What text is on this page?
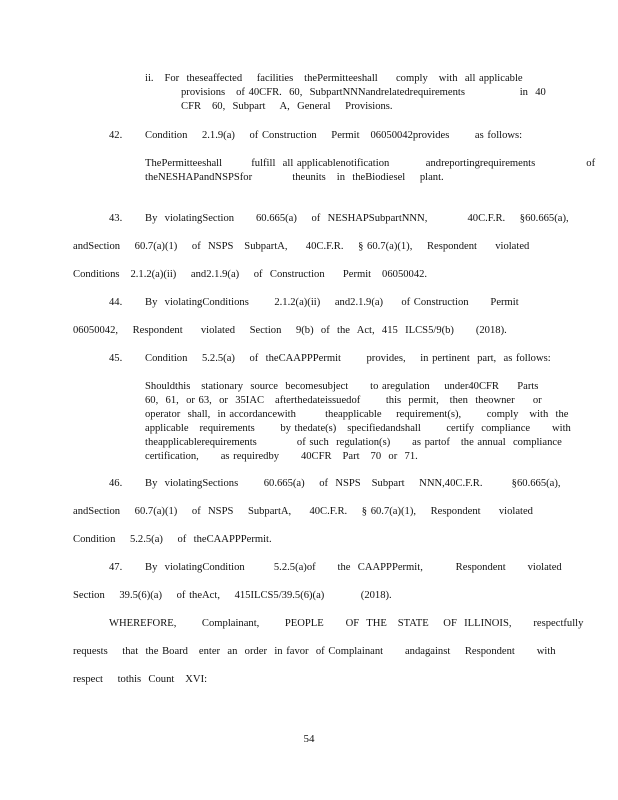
ii.   For  theseaffected    facilities   thePermitteeshall     comply   with  all applicable
provisions   of 40CFR.  60,  SubpartNNNandrelatedrequirements               in  40
CFR   60,  Subpart    A,  General    Provisions.
42. Condition    2.1.9(a)    of Construction    Permit   06050042provides       as follows:
ThePermitteeshall        fulfill  all applicablenotification          andreportingrequirements              of
theNESHAPandNSPSfor           theunits   in  theBiodiesel    plant.
43. By  violatingSection      60.665(a)    of  NESHAPSubpartNNN,           40C.F.R.    §60.665(a),
andSection    60.7(a)(1)    of  NSPS   SubpartA,     40C.F.R.    § 60.7(a)(1),    Respondent     violated
Conditions   2.1.2(a)(ii)    and2.1.9(a)    of  Construction     Permit   06050042.
44. By  violatingConditions       2.1.2(a)(ii)    and2.1.9(a)     of Construction      Permit
06050042,    Respondent     violated    Section    9(b)  of  the  Act,  415  ILCS5/9(b)      (2018).
45. Condition    5.2.5(a)    of  theCAAPPPermit       provides,    in pertinent  part,  as follows:
Shouldthis   stationary  source  becomesubject      to aregulation    under40CFR     Parts
60,  61,  or 63,  or  35IAC   afterthedateissuedof       this  permit,   then  theowner     or
operator  shall,  in accordancewith        theapplicable    requirement(s),       comply   with  the
applicable   requirements       by thedate(s)   specifiedandshall       certify  compliance      with
theapplicablerequirements           of such  regulation(s)      as partof   the annual  compliance
certification,      as requiredby      40CFR   Part   70  or  71.
46. By  violatingSections       60.665(a)    of  NSPS   Subpart    NNN,40C.F.R.        §60.665(a),
andSection    60.7(a)(1)    of  NSPS    SubpartA,     40C.F.R.    § 60.7(a)(1),    Respondent     violated
Condition    5.2.5(a)    of  theCAAPPPermit.
47. By  violatingCondition        5.2.5(a)of      the  CAAPPPermit,         Respondent      violated
Section    39.5(6)(a)    of theAct,    415ILCS5/39.5(6)(a)          (2018).
WHEREFORE,       Complainant,       PEOPLE      OF  THE   STATE    OF  ILLINOIS,      respectfully
requests    that  the Board   enter  an  order  in favor  of Complainant      andagainst    Respondent      with
respect    tothis  Count   XVI:
54
